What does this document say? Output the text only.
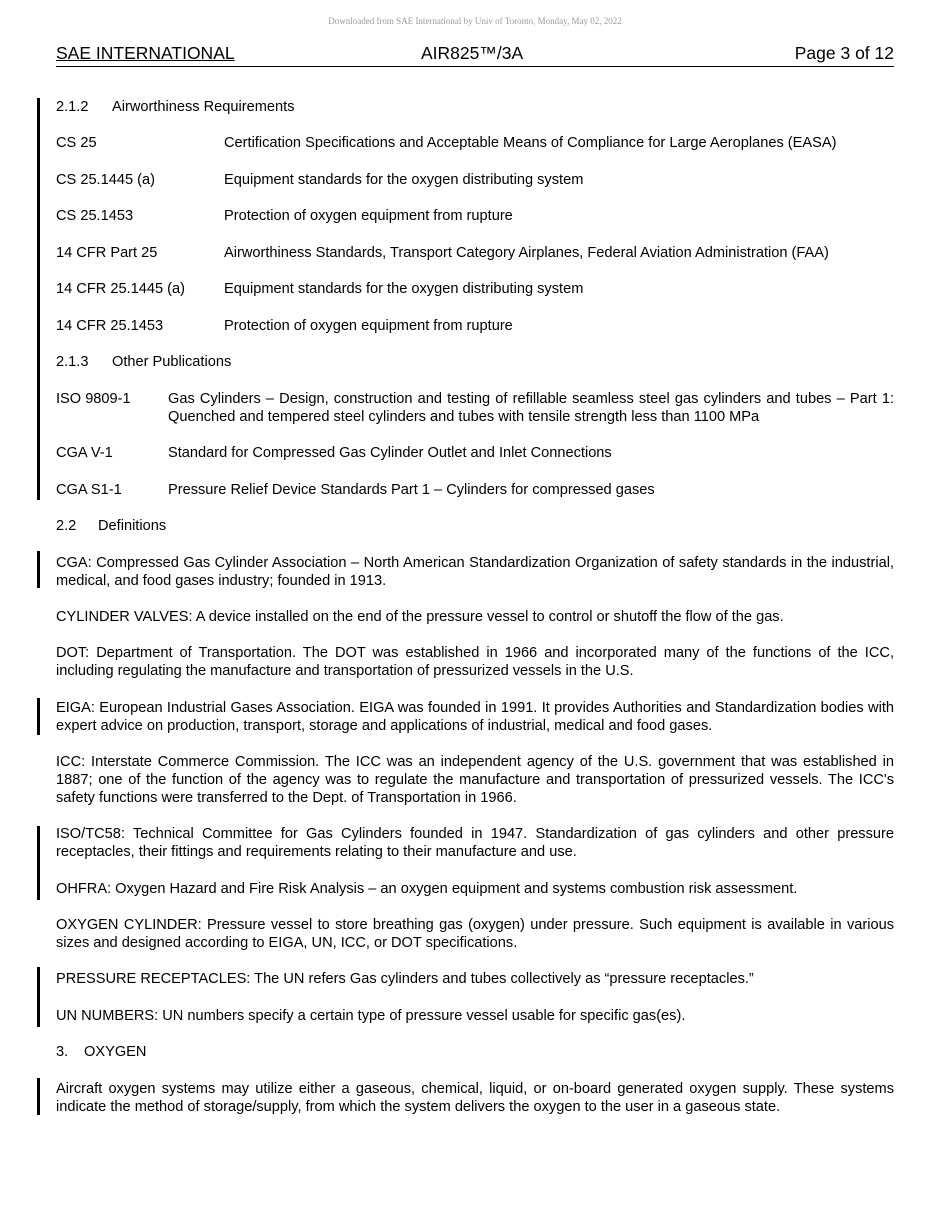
Downloaded from SAE International by Univ of Toronto, Monday, May 02, 2022
SAE INTERNATIONAL	AIR825™/3A	Page 3 of 12
2.1.2 Airworthiness Requirements
CS 25	Certification Specifications and Acceptable Means of Compliance for Large Aeroplanes (EASA)
CS 25.1445 (a)	Equipment standards for the oxygen distributing system
CS 25.1453	Protection of oxygen equipment from rupture
14 CFR Part 25	Airworthiness Standards, Transport Category Airplanes, Federal Aviation Administration (FAA)
14 CFR 25.1445 (a)	Equipment standards for the oxygen distributing system
14 CFR 25.1453	Protection of oxygen equipment from rupture
2.1.3 Other Publications
ISO 9809-1	Gas Cylinders – Design, construction and testing of refillable seamless steel gas cylinders and tubes – Part 1: Quenched and tempered steel cylinders and tubes with tensile strength less than 1100 MPa
CGA V-1	Standard for Compressed Gas Cylinder Outlet and Inlet Connections
CGA S1-1	Pressure Relief Device Standards Part 1 – Cylinders for compressed gases
2.2 Definitions
CGA: Compressed Gas Cylinder Association – North American Standardization Organization of safety standards in the industrial, medical, and food gases industry; founded in 1913.
CYLINDER VALVES: A device installed on the end of the pressure vessel to control or shutoff the flow of the gas.
DOT: Department of Transportation. The DOT was established in 1966 and incorporated many of the functions of the ICC, including regulating the manufacture and transportation of pressurized vessels in the U.S.
EIGA: European Industrial Gases Association. EIGA was founded in 1991. It provides Authorities and Standardization bodies with expert advice on production, transport, storage and applications of industrial, medical and food gases.
ICC: Interstate Commerce Commission. The ICC was an independent agency of the U.S. government that was established in 1887; one of the function of the agency was to regulate the manufacture and transportation of pressurized vessels. The ICC's safety functions were transferred to the Dept. of Transportation in 1966.
ISO/TC58: Technical Committee for Gas Cylinders founded in 1947. Standardization of gas cylinders and other pressure receptacles, their fittings and requirements relating to their manufacture and use.
OHFRA: Oxygen Hazard and Fire Risk Analysis – an oxygen equipment and systems combustion risk assessment.
OXYGEN CYLINDER: Pressure vessel to store breathing gas (oxygen) under pressure. Such equipment is available in various sizes and designed according to EIGA, UN, ICC, or DOT specifications.
PRESSURE RECEPTACLES: The UN refers Gas cylinders and tubes collectively as “pressure receptacles.”
UN NUMBERS: UN numbers specify a certain type of pressure vessel usable for specific gas(es).
3. OXYGEN
Aircraft oxygen systems may utilize either a gaseous, chemical, liquid, or on-board generated oxygen supply. These systems indicate the method of storage/supply, from which the system delivers the oxygen to the user in a gaseous state.
